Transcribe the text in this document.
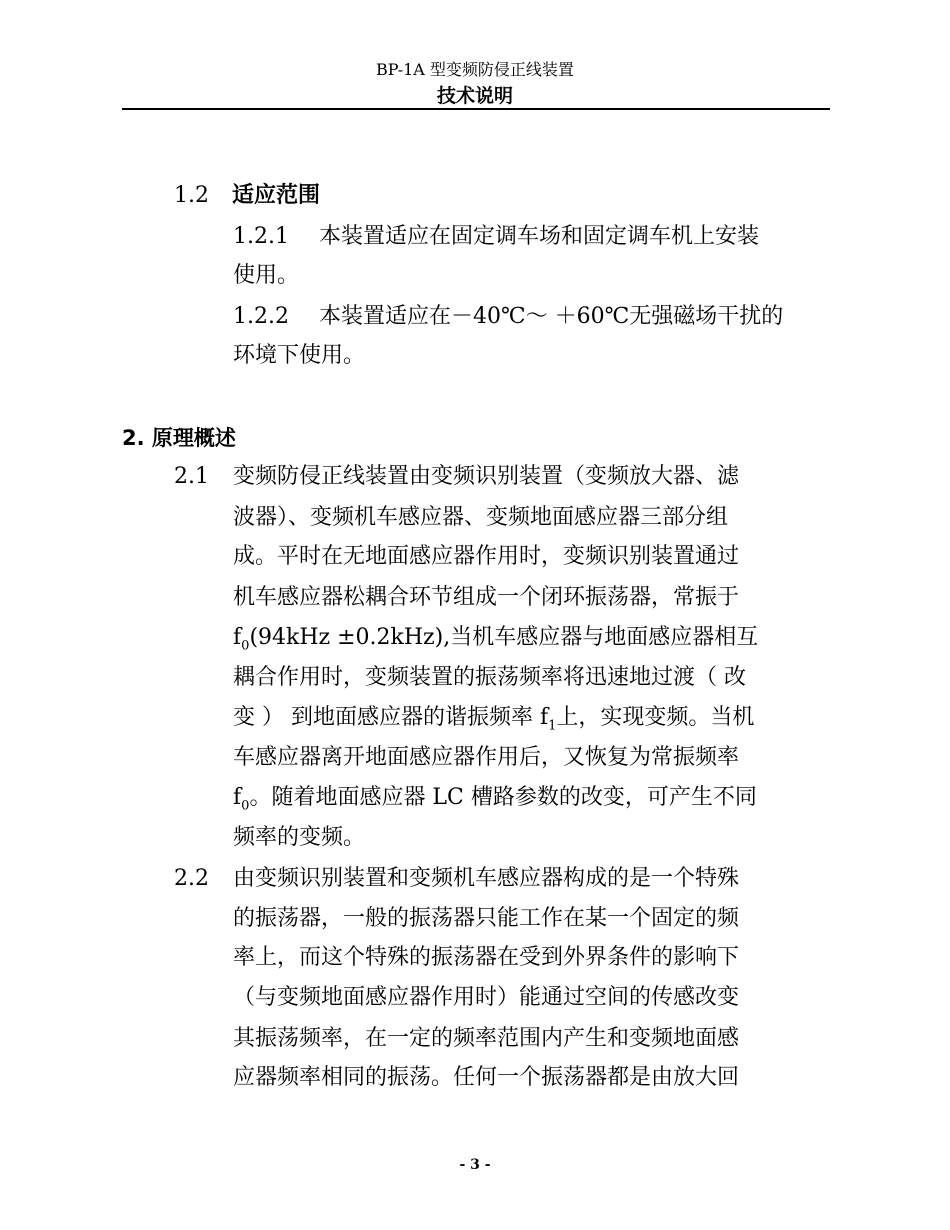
BP-1A 型变频防侵正线装置
技术说明
1.2 适应范围
1.2.1 本装置适应在固定调车场和固定调车机上安装
使用。
1.2.2 本装置适应在－40℃～ ＋60℃无强磁场干扰的
环境下使用。
2. 原理概述
2.1 变频防侵正线装置由变频识别装置（变频放大器、滤
波器）、变频机车感应器、变频地面感应器三部分组
成。平时在无地面感应器作用时，变频识别装置通过
机车感应器松耦合环节组成一个闭环振荡器，常振于
$f_0(94kHz \pm 0.2kHz)$,当机车感应器与地面感应器相互
耦合作用时，变频装置的振荡频率将迅速地过渡（ 改
变 ） 到地面感应器的谐振频率 $f_1$上，实现变频。当机
车感应器离开地面感应器作用后，又恢复为常振频率
$f_0$。随着地面感应器 LC 槽路参数的改变，可产生不同
频率的变频。
2.2 由变频识别装置和变频机车感应器构成的是一个特殊
的振荡器，一般的振荡器只能工作在某一个固定的频
率上，而这个特殊的振荡器在受到外界条件的影响下
（与变频地面感应器作用时）能通过空间的传感改变
其振荡频率，在一定的频率范围内产生和变频地面感
应器频率相同的振荡。任何一个振荡器都是由放大回
- 3 -
